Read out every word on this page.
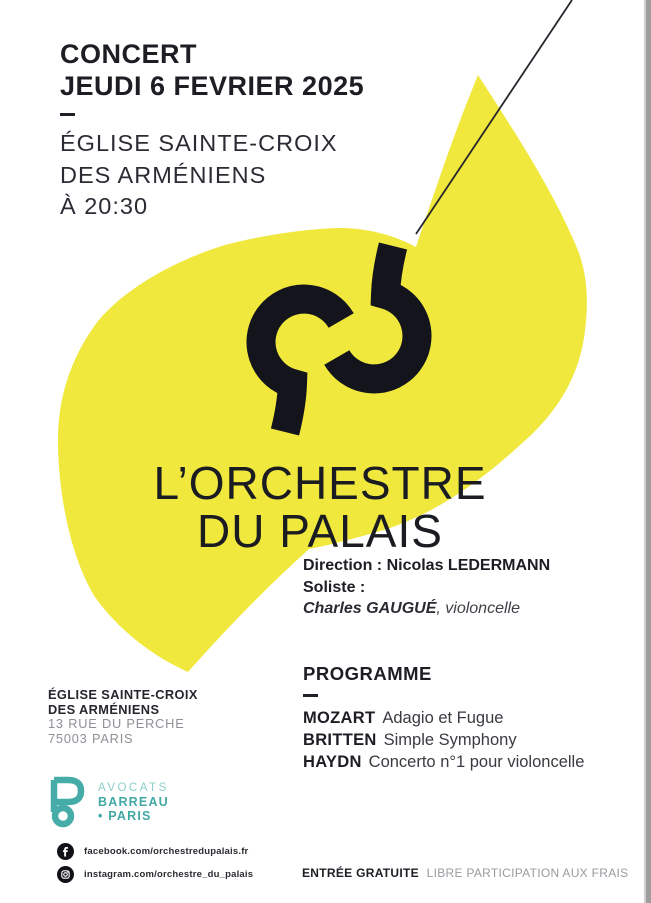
CONCERT
JEUDI 6 FEVRIER 2025
ÉGLISE SAINTE-CROIX
DES ARMÉNIENS
À 20:30
L’ORCHESTRE
DU PALAIS
Direction : Nicolas LEDERMANN
Soliste :
Charles GAUGUÉ, violoncelle
PROGRAMME
MOZART Adagio et Fugue
BRITTEN Simple Symphony
HAYDN Concerto n°1 pour violoncelle
ÉGLISE SAINTE-CROIX
DES ARMÉNIENS
13 RUE DU PERCHE
75003 PARIS
AVOCATS
BARREAU
• PARIS
facebook.com/orchestredupalais.fr
instagram.com/orchestre_du_palais	ENTRÉE GRATUITE LIBRE PARTICIPATION AUX FRAIS
